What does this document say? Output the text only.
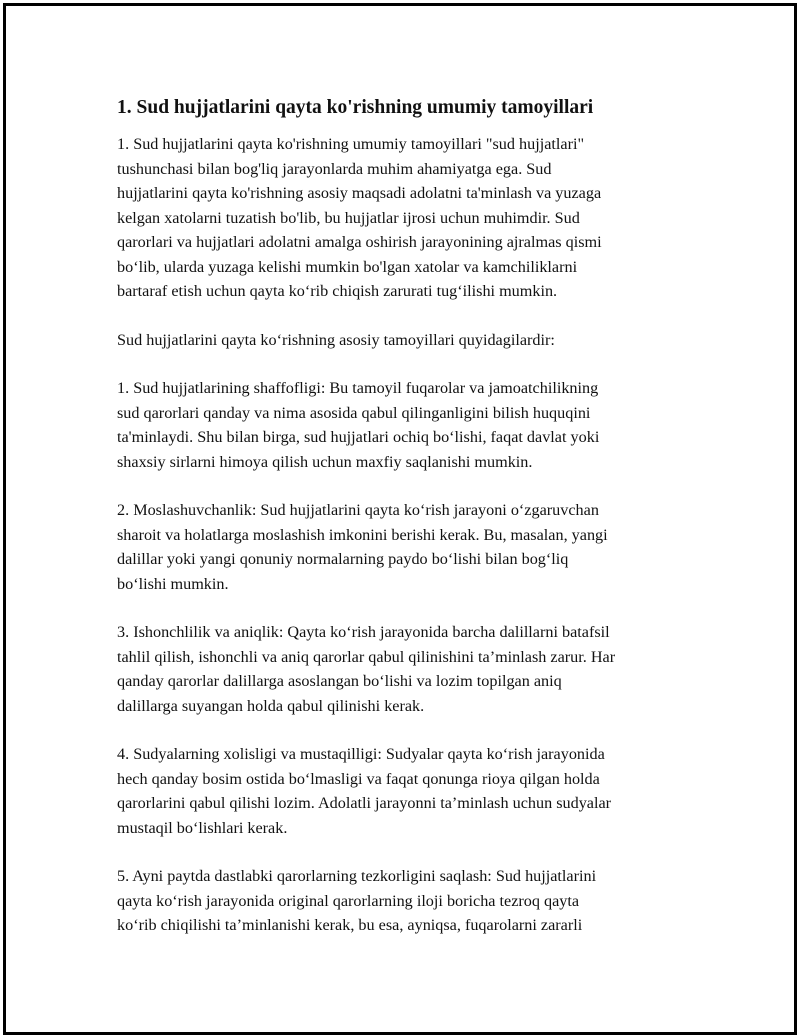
1. Sud hujjatlarini qayta ko'rishning umumiy tamoyillari

1. Sud hujjatlarini qayta ko'rishning umumiy tamoyillari "sud hujjatlari"
tushunchasi bilan bog'liq jarayonlarda muhim ahamiyatga ega. Sud
hujjatlarini qayta ko'rishning asosiy maqsadi adolatni ta'minlash va yuzaga
kelgan xatolarni tuzatish bo'lib, bu hujjatlar ijrosi uchun muhimdir. Sud
qarorlari va hujjatlari adolatni amalga oshirish jarayonining ajralmas qismi
bo‘lib, ularda yuzaga kelishi mumkin bo'lgan xatolar va kamchiliklarni
bartaraf etish uchun qayta ko‘rib chiqish zarurati tug‘ilishi mumkin.

Sud hujjatlarini qayta ko‘rishning asosiy tamoyillari quyidagilardir:

1. Sud hujjatlarining shaffofligi: Bu tamoyil fuqarolar va jamoatchilikning
sud qarorlari qanday va nima asosida qabul qilinganligini bilish huquqini
ta'minlaydi. Shu bilan birga, sud hujjatlari ochiq bo‘lishi, faqat davlat yoki
shaxsiy sirlarni himoya qilish uchun maxfiy saqlanishi mumkin.

2. Moslashuvchanlik: Sud hujjatlarini qayta ko‘rish jarayoni o‘zgaruvchan
sharoit va holatlarga moslashish imkonini berishi kerak. Bu, masalan, yangi
dalillar yoki yangi qonuniy normalarning paydo bo‘lishi bilan bog‘liq
bo‘lishi mumkin.

3. Ishonchlilik va aniqlik: Qayta ko‘rish jarayonida barcha dalillarni batafsil
tahlil qilish, ishonchli va aniq qarorlar qabul qilinishini ta’minlash zarur. Har
qanday qarorlar dalillarga asoslangan bo‘lishi va lozim topilgan aniq
dalillarga suyangan holda qabul qilinishi kerak.

4. Sudyalarning xolisligi va mustaqilligi: Sudyalar qayta ko‘rish jarayonida
hech qanday bosim ostida bo‘lmasligi va faqat qonunga rioya qilgan holda
qarorlarini qabul qilishi lozim. Adolatli jarayonni ta’minlash uchun sudyalar
mustaqil bo‘lishlari kerak.

5. Ayni paytda dastlabki qarorlarning tezkorligini saqlash: Sud hujjatlarini
qayta ko‘rish jarayonida original qarorlarning iloji boricha tezroq qayta
ko‘rib chiqilishi ta’minlanishi kerak, bu esa, ayniqsa, fuqarolarni zararli
